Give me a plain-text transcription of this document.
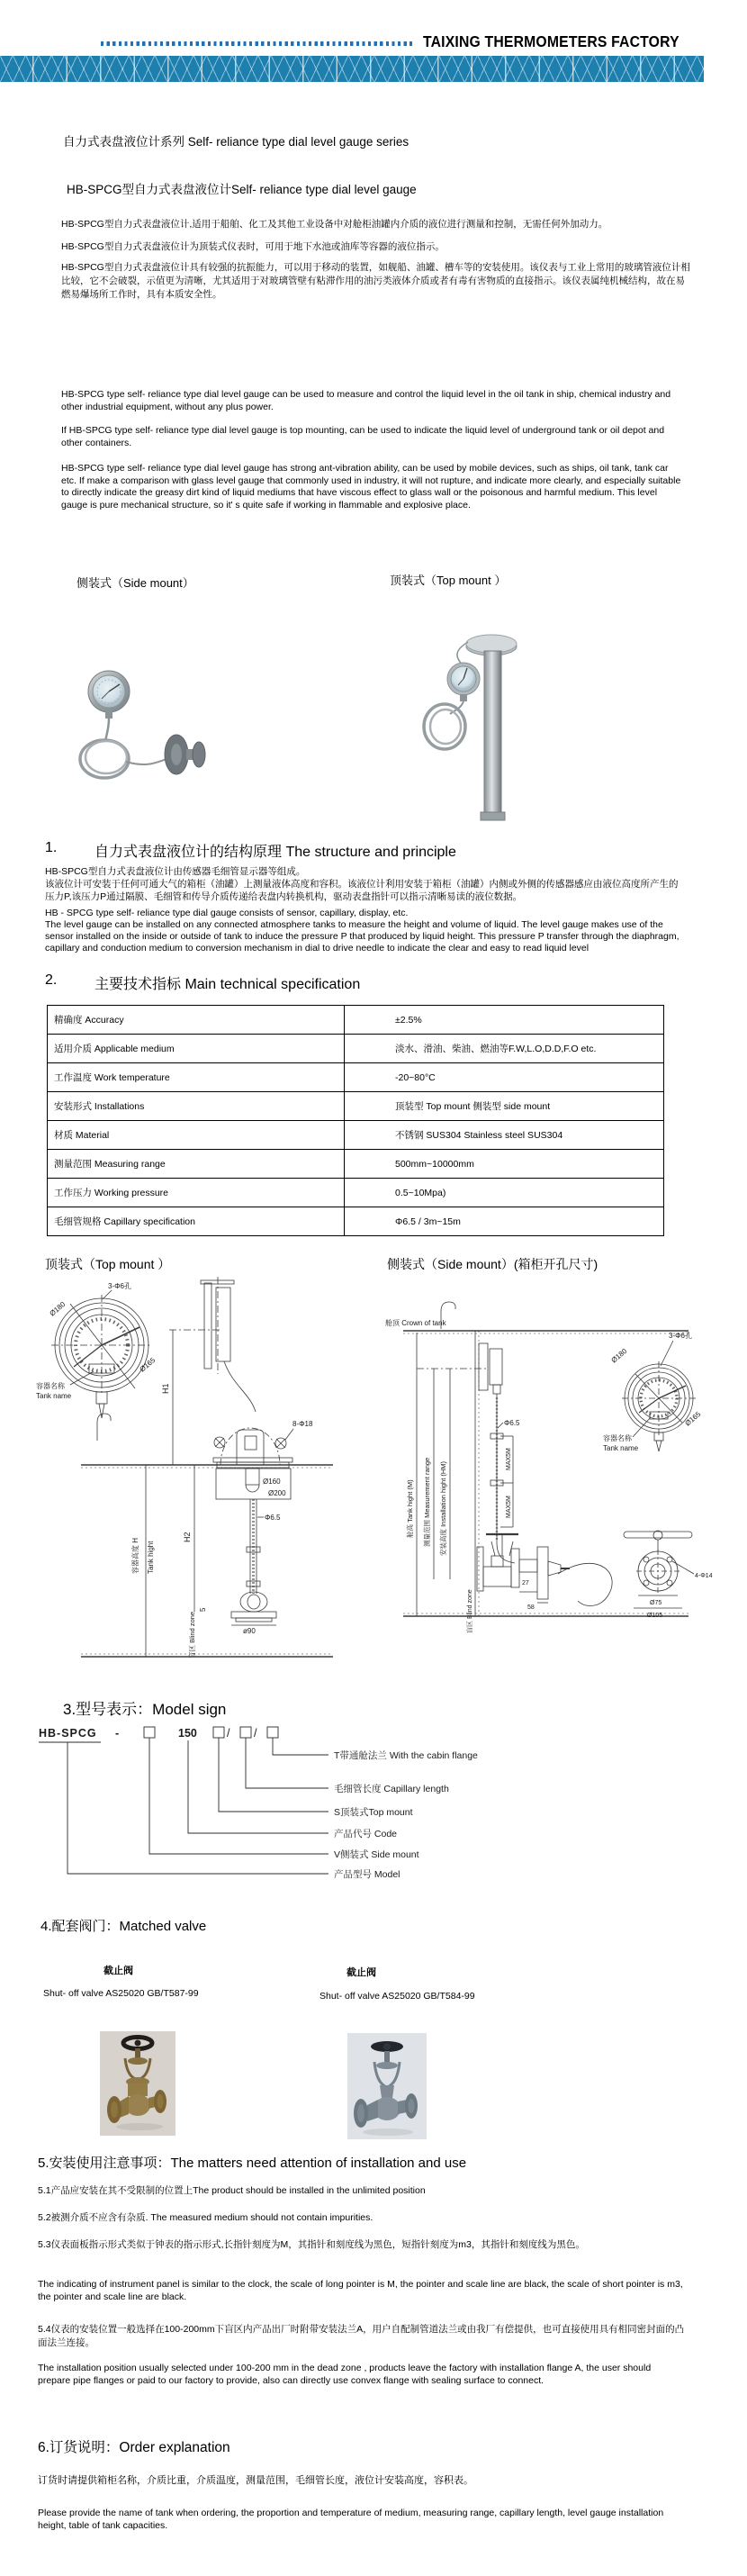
TAIXING THERMOMETERS FACTORY
自力式表盘液位计系列 Self- reliance type dial level gauge series
HB-SPCG型自力式表盘液位计Self- reliance type dial level gauge
HB-SPCG型自力式表盘液位计,适用于船舶、化工及其他工业设备中对舱柜油罐内介质的液位进行测量和控制，无需任何外加动力。
HB-SPCG型自力式表盘液位计为顶装式仪表时，可用于地下水池或油库等容器的液位指示。
HB-SPCG型自力式表盘液位计具有较强的抗振能力，可以用于移动的装置，如舰船、油罐、槽车等的安装使用。该仪表与工业上常用的玻璃管液位计相比较，它不会破裂，示值更为清晰，尤其适用于对玻璃管壁有粘滞作用的油污类液体介质或者有毒有害物质的直接指示。该仪表属纯机械结构，故在易燃易爆场所工作时，具有本质安全性。
HB-SPCG type self- reliance type dial level gauge can be used to measure and control the liquid level in the oil tank in ship, chemical industry and other industrial equipment, without any plus power.
If HB-SPCG type self- reliance type dial level gauge is top mounting, can be used to indicate the liquid level of underground tank or oil depot and other containers.
HB-SPCG type self- reliance type dial level gauge has strong ant-vibration ability, can be used by mobile devices, such as ships, oil tank, tank car etc. If make a comparison with glass level gauge that commonly used in industry, it will not rupture, and indicate more clearly, and especially suitable to directly indicate the greasy dirt kind of liquid mediums that have viscous effect to glass wall or the poisonous and harmful medium. This level gauge is pure mechanical structure, so it' s quite safe if working in flammable and explosive place.
侧装式（Side mount）	顶装式（Top mount ）
1.	自力式表盘液位计的结构原理 The structure and principle
HB-SPCG型自力式表盘液位计由传感器毛细管显示器等组成。
该液位计可安装于任何可通大气的箱柜（油罐）上测量液体高度和容积。该液位计利用安装于箱柜（油罐）内侧或外侧的传感器感应由液位高度所产生的压力P,该压力P通过隔膜、毛细管和传导介质传递给表盘内转换机构，驱动表盘指针可以指示清晰易读的液位数据。
HB - SPCG type self- reliance type dial gauge consists of sensor, capillary, display, etc.
The level gauge can be installed on any connected atmosphere tanks to measure the height and volume of liquid. The level gauge makes use of the sensor installed on the inside or outside of tank to induce the pressure P that produced by liquid height. This pressure P transfer through the diaphragm, capillary and conduction medium to conversion mechanism in dial to drive needle to indicate the clear and easy to read liquid level
2.	主要技术指标 Main technical specification
精确度 Accuracy	±2.5%
适用介质 Applicable medium	淡水、滑油、柴油、燃油等F.W,L.O,D.D,F.O etc.
工作温度 Work temperature	-20~80°C
安装形式 Installations	顶装型 Top mount 侧装型 side mount
材质 Material	不锈钢 SUS304 Stainless steel SUS304
测量范围 Measuring range	500mm~10000mm
工作压力 Working pressure	0.5~10Mpa)
毛细管规格 Capillary specification	Φ6.5 / 3m~15m
顶装式（Top mount ）	侧装式（Side mount）(箱柜开孔尺寸)
3-Φ6孔
Ø180
Ø165
容器名称
Tank name
H1
8-Φ18
Ø160
Ø200
Φ6.5
H2
容器高度 H Tank hight
5
ø90
盲区 Blind zone
舱顶 Crown of tank
舱高 Tank hight (M) 测量范围 Measurement range 安装高度 Installation hight (HM)
Φ6.5
MAX5M
MAX5M
27
58
盲区 Blind zone
3-Φ6孔
Ø180
Ø165
容器名称
Tank name
4-Φ14
Ø75
Ø105
3.型号表示：Model sign
HB-SPCG -	150	/ /
T带通舱法兰 With the cabin flange
毛细管长度 Capillary length
S顶装式Top mount
产品代号 Code
V侧装式 Side mount
产品型号 Model
4.配套阀门：Matched valve
截止阀	截止阀
Shut- off valve AS25020 GB/T587-99	Shut- off valve AS25020 GB/T584-99
5.安装使用注意事项：The matters need attention of installation and use
5.1产品应安装在其不受限制的位置上The product should be installed in the unlimited position
5.2被测介质不应含有杂质. The measured medium should not contain impurities.
5.3仪表面板指示形式类似于钟表的指示形式,长指针刻度为M，其指针和刻度线为黑色，短指针刻度为m3，其指针和刻度线为黑色。
The indicating of instrument panel is similar to the clock, the scale of long pointer is M, the pointer and scale line are black, the scale of short pointer is m3, the pointer and scale line are black.
5.4仪表的安装位置一般选择在100-200mm下盲区内产品出厂时附带安装法兰A，用户自配制管道法兰或由我厂有偿提供，也可直接使用具有相同密封面的凸面法兰连接。
The installation position usually selected under 100-200 mm in the dead zone , products leave the factory with installation flange A, the user should prepare pipe flanges or paid to our factory to provide, also can directly use convex flange with sealing surface to connect.
6.订货说明：Order explanation
订货时请提供箱柜名称，介质比重，介质温度，测量范围，毛细管长度，液位计安装高度，容积表。
Please provide the name of tank when ordering, the proportion and temperature of medium, measuring range, capillary length, level gauge installation height, table of tank capacities.
